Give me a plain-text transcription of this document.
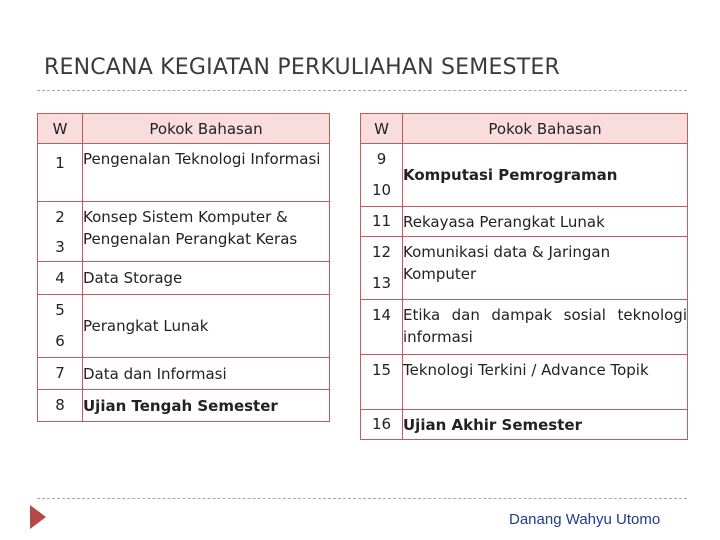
RENCANA KEGIATAN PERKULIAHAN SEMESTER
W	Pokok Bahasan

1	Pengenalan Teknologi Informasi

2
3	Konsep Sistem Komputer & Pengenalan Perangkat Keras

4	Data Storage

5
6	Perangkat Lunak

7	Data dan Informasi

8	Ujian Tengah Semester
W	Pokok Bahasan

9
10	Komputasi Pemrograman

11	Rekayasa Perangkat Lunak

12
13	Komunikasi data & Jaringan Komputer

14	Etika dan dampak sosial teknologi informasi

15	Teknologi Terkini / Advance Topik

16	Ujian Akhir Semester
Danang Wahyu Utomo
